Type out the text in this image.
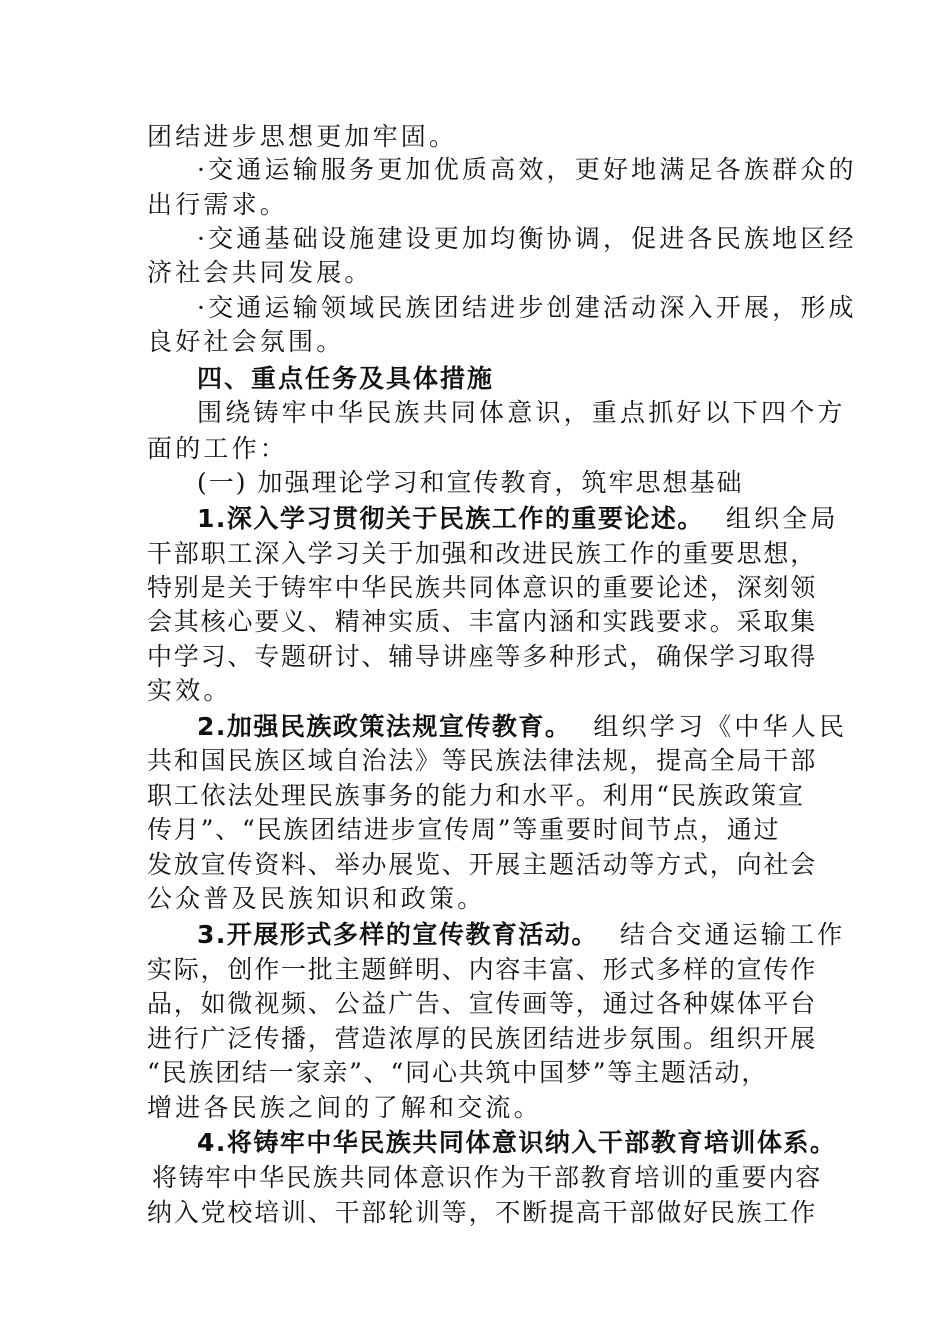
团结进步思想更加牢固。
·交通运输服务更加优质高效，更好地满足各族群众的
出行需求。
·交通基础设施建设更加均衡协调，促进各民族地区经
济社会共同发展。
·交通运输领域民族团结进步创建活动深入开展，形成
良好社会氛围。
四、重点任务及具体措施
围绕铸牢中华民族共同体意识，重点抓好以下四个方
面的工作：
(一) 加强理论学习和宣传教育，筑牢思想基础
1.深入学习贯彻关于民族工作的重要论述。 组织全局
干部职工深入学习关于加强和改进民族工作的重要思想，
特别是关于铸牢中华民族共同体意识的重要论述，深刻领
会其核心要义、精神实质、丰富内涵和实践要求。采取集
中学习、专题研讨、辅导讲座等多种形式，确保学习取得
实效。
2.加强民族政策法规宣传教育。 组织学习《中华人民
共和国民族区域自治法》等民族法律法规，提高全局干部
职工依法处理民族事务的能力和水平。利用“民族政策宣
传月”、“民族团结进步宣传周”等重要时间节点，通过
发放宣传资料、举办展览、开展主题活动等方式，向社会
公众普及民族知识和政策。
3.开展形式多样的宣传教育活动。 结合交通运输工作
实际，创作一批主题鲜明、内容丰富、形式多样的宣传作
品，如微视频、公益广告、宣传画等，通过各种媒体平台
进行广泛传播，营造浓厚的民族团结进步氛围。组织开展
“民族团结一家亲”、“同心共筑中国梦”等主题活动，
增进各民族之间的了解和交流。
4.将铸牢中华民族共同体意识纳入干部教育培训体系。
将铸牢中华民族共同体意识作为干部教育培训的重要内容
纳入党校培训、干部轮训等，不断提高干部做好民族工作
